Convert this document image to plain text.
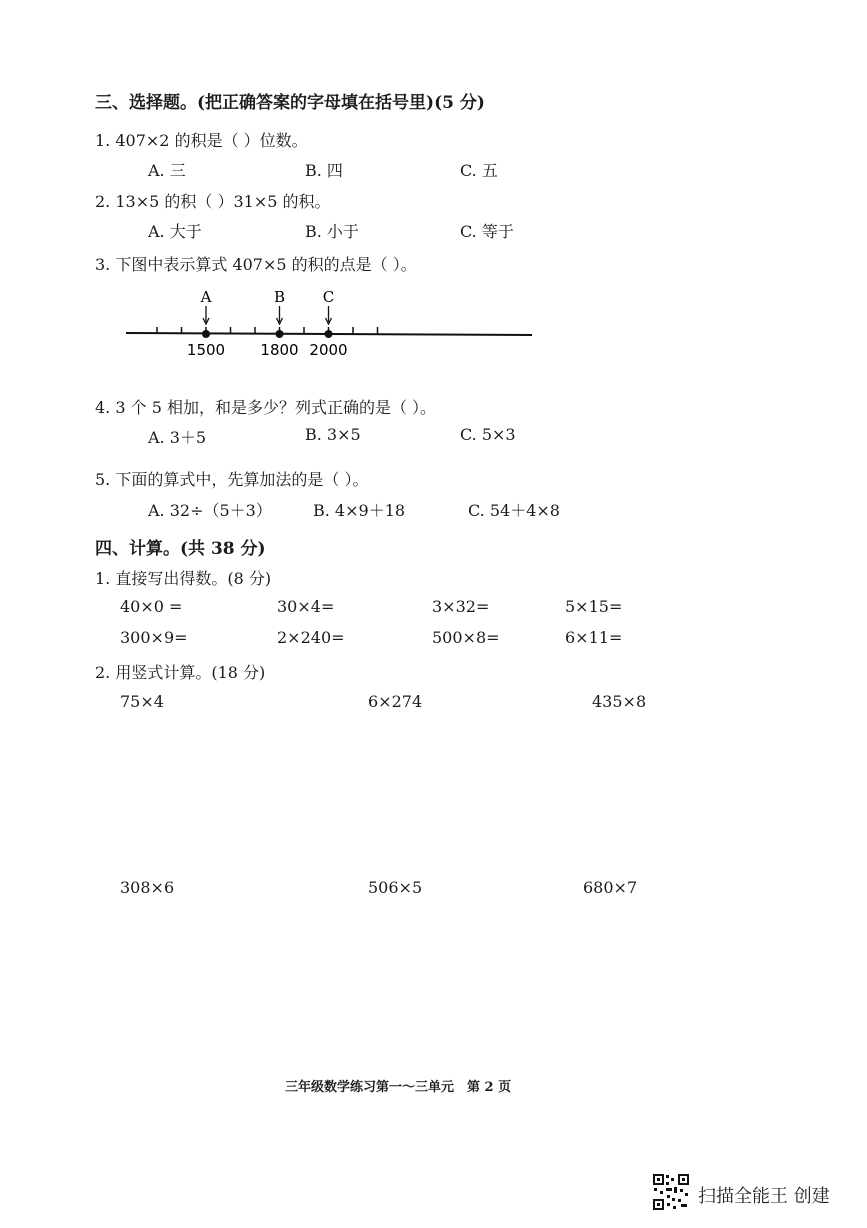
三、选择题。(把正确答案的字母填在括号里)(5 分)
1. 407×2 的积是（ ）位数。
A. 三	B. 四	C. 五
2. 13×5 的积（ ）31×5 的积。
A. 大于	B. 小于	C. 等于
3. 下图中表示算式 407×5 的积的点是（ ）。
A	B	C
1500 1800 2000
4. 3 个 5 相加，和是多少？列式正确的是（ ）。
A. 3＋5	B. 3×5	C. 5×3
5. 下面的算式中，先算加法的是（ ）。
A. 32÷（5＋3）	B. 4×9＋18	C. 54＋4×8
四、计算。(共 38 分)
1. 直接写出得数。(8 分)
40×0 =	30×4=	3×32=	5×15=
300×9=	2×240=	500×8=	6×11=
2. 用竖式计算。(18 分)
75×4	6×274	435×8
308×6	506×5	680×7
三年级数学练习第一～三单元　第 2 页
扫描全能王 创建
